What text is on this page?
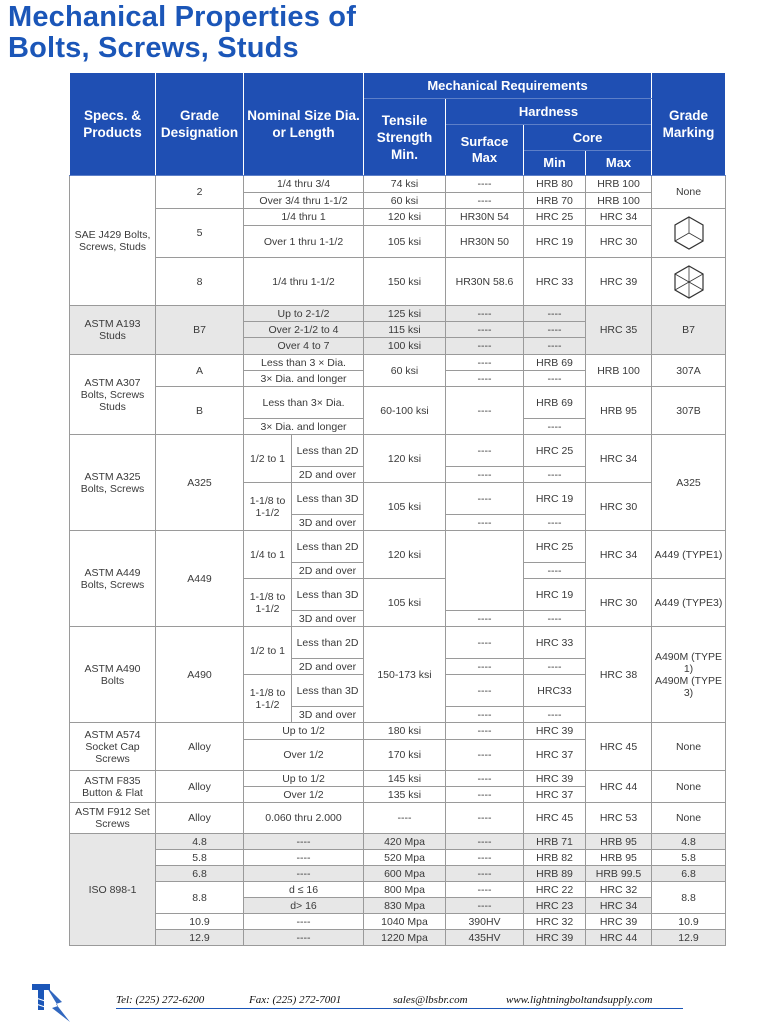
Mechanical Properties of
Bolts, Screws, Studs
Specs. & Products	Grade Designation	Nominal Size Dia. or Length		Mechanical Requirements				Grade Marking
				Tensile Strength Min.	Hardness			
					Surface Max	Core		
						Min	Max	
SAE J429 Bolts, Screws, Studs	2	1/4 thru 3/4		74 ksi	----	HRB 80	HRB 100	None
		Over 3/4 thru 1-1/2		60 ksi	----	HRB 70	HRB 100	
	5	1/4 thru 1		120 ksi	HR30N 54	HRC 25	HRC 34	

		Over 1 thru 1-1/2		105 ksi	HR30N 50	HRC 19	HRC 30	
	8	1/4 thru 1-1/2		150 ksi	HR30N 58.6	HRC 33	HRC 39	

ASTM A193 Studs	B7	Up to 2-1/2		125 ksi	----	----	HRC 35	B7
		Over 2-1/2 to 4		115 ksi	----	----		
		Over 4 to 7		100 ksi	----	----		
ASTM A307 Bolts, Screws Studs	A	Less than 3 × Dia.		60 ksi	----	HRB 69	HRB 100	307A
		3× Dia. and longer			----	----		
	B	Less than 3× Dia.		60-100 ksi	----	HRB 69	HRB 95	307B
		3× Dia. and longer				----		
ASTM A325 Bolts, Screws	A325	1/2 to 1	Less than 2D	120 ksi	----	HRC 25	HRC 34	A325
			2D and over		----	----		
		1-1/8 to 1-1/2	Less than 3D	105 ksi	----	HRC 19	HRC 30	
			3D and over		----	----		
ASTM A449 Bolts, Screws	A449	1/4 to 1	Less than 2D	120 ksi		HRC 25	HRC 34	A449 (TYPE1)
			2D and over			----		
		1-1/8 to 1-1/2	Less than 3D	105 ksi		HRC 19	HRC 30	A449 (TYPE3)
			3D and over		----	----		
ASTM A490 Bolts	A490	1/2 to 1	Less than 2D	150-173 ksi	----	HRC 33	HRC 38	A490M (TYPE 1)
			2D and over		----	----		
		1-1/8 to 1-1/2	Less than 3D		----	HRC33		A490M (TYPE 3)
			3D and over		----	----		
ASTM A574 Socket Cap Screws	Alloy	Up to 1/2		180 ksi	----	HRC 39	HRC 45	None
		Over 1/2		170 ksi	----	HRC 37		
ASTM F835 Button & Flat	Alloy	Up to 1/2		145 ksi	----	HRC 39	HRC 44	None
		Over 1/2		135 ksi	----	HRC 37		
ASTM F912 Set Screws	Alloy	0.060 thru 2.000		----	----	HRC 45	HRC 53	None
ISO 898-1	4.8	----		420 Mpa	----	HRB 71	HRB 95	4.8
	5.8	----		520 Mpa	----	HRB 82	HRB 95	5.8
	6.8	----		600 Mpa	----	HRB 89	HRB 99.5	6.8
	8.8	d ≤ 16		800 Mpa	----	HRC 22	HRC 32	8.8
		d> 16		830 Mpa	----	HRC 23	HRC 34	
	10.9	----		1040 Mpa	390HV	HRC 32	HRC 39	10.9
	12.9	----		1220 Mpa	435HV	HRC 39	HRC 44	12.9
Tel: (225) 272-6200	Fax: (225) 272-7001	sales@lbsbr.com	www.lightningboltandsupply.com
